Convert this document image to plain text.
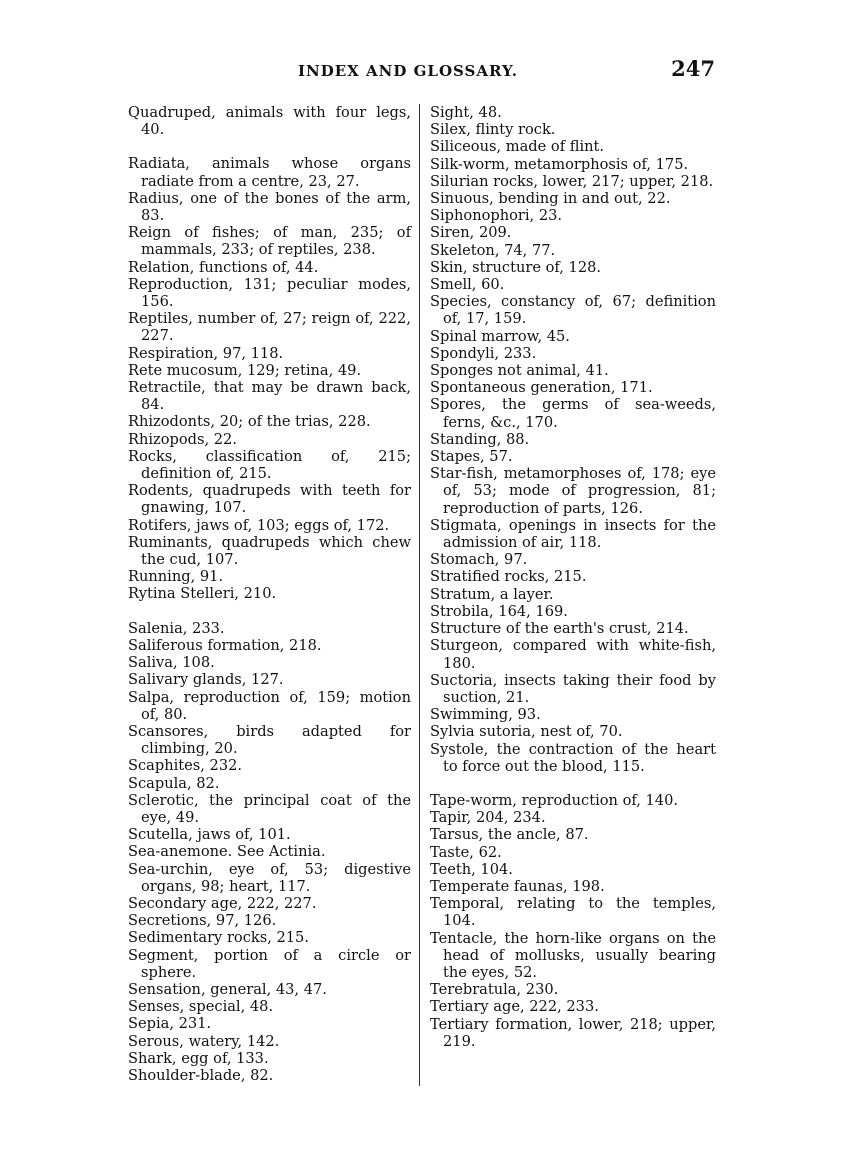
INDEX AND GLOSSARY.	247

Quadruped, animals with four legs, 40.

Radiata, animals whose organs radiate from a centre, 23, 27.

Radius, one of the bones of the arm, 83.

Reign of fishes; of man, 235; of mammals, 233; of reptiles, 238.

Relation, functions of, 44.

Reproduction, 131; peculiar modes, 156.

Reptiles, number of, 27; reign of, 222, 227.

Respiration, 97, 118.

Rete mucosum, 129; retina, 49.

Retractile, that may be drawn back, 84.

Rhizodonts, 20; of the trias, 228.

Rhizopods, 22.

Rocks, classification of, 215; definition of, 215.

Rodents, quadrupeds with teeth for gnawing, 107.

Rotifers, jaws of, 103; eggs of, 172.

Ruminants, quadrupeds which chew the cud, 107.

Running, 91.

Rytina Stelleri, 210.

Salenia, 233.

Saliferous formation, 218.

Saliva, 108.

Salivary glands, 127.

Salpa, reproduction of, 159; motion of, 80.

Scansores, birds adapted for climbing, 20.

Scaphites, 232.

Scapula, 82.

Sclerotic, the principal coat of the eye, 49.

Scutella, jaws of, 101.

Sea-anemone. See Actinia.

Sea-urchin, eye of, 53; digestive organs, 98; heart, 117.

Secondary age, 222, 227.

Secretions, 97, 126.

Sedimentary rocks, 215.

Segment, portion of a circle or sphere.

Sensation, general, 43, 47.

Senses, special, 48.

Sepia, 231.

Serous, watery, 142.

Shark, egg of, 133.

Shoulder-blade, 82.

Sight, 48.

Silex, flinty rock.

Siliceous, made of flint.

Silk-worm, metamorphosis of, 175.

Silurian rocks, lower, 217; upper, 218.

Sinuous, bending in and out, 22.

Siphonophori, 23.

Siren, 209.

Skeleton, 74, 77.

Skin, structure of, 128.

Smell, 60.

Species, constancy of, 67; definition of, 17, 159.

Spinal marrow, 45.

Spondyli, 233.

Sponges not animal, 41.

Spontaneous generation, 171.

Spores, the germs of sea-weeds, ferns, &c., 170.

Standing, 88.

Stapes, 57.

Star-fish, metamorphoses of, 178; eye of, 53; mode of progression, 81; reproduction of parts, 126.

Stigmata, openings in insects for the admission of air, 118.

Stomach, 97.

Stratified rocks, 215.

Stratum, a layer.

Strobila, 164, 169.

Structure of the earth's crust, 214.

Sturgeon, compared with white-fish, 180.

Suctoria, insects taking their food by suction, 21.

Swimming, 93.

Sylvia sutoria, nest of, 70.

Systole, the contraction of the heart to force out the blood, 115.

Tape-worm, reproduction of, 140.

Tapir, 204, 234.

Tarsus, the ancle, 87.

Taste, 62.

Teeth, 104.

Temperate faunas, 198.

Temporal, relating to the temples, 104.

Tentacle, the horn-like organs on the head of mollusks, usually bearing the eyes, 52.

Terebratula, 230.

Tertiary age, 222, 233.

Tertiary formation, lower, 218; upper, 219.
